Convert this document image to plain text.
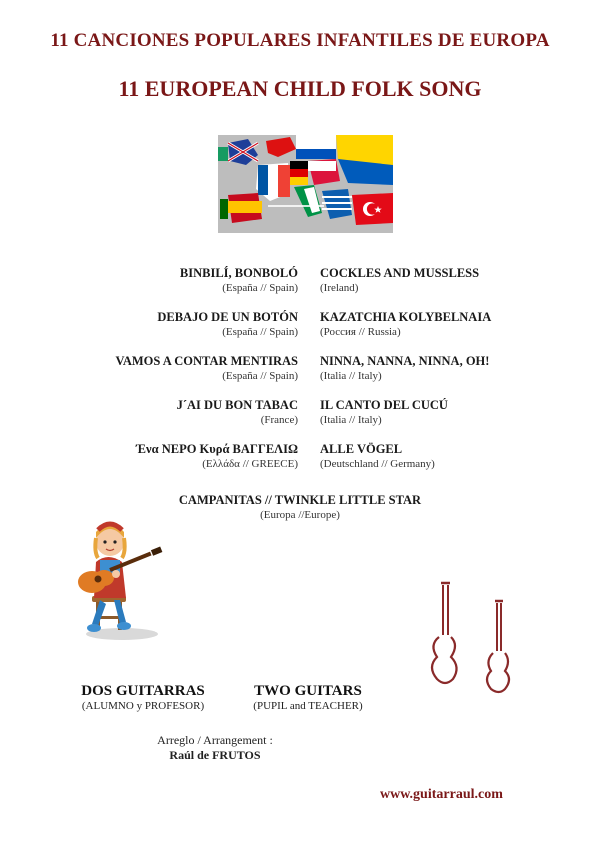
11 CANCIONES POPULARES INFANTILES DE EUROPA
11 EUROPEAN CHILD FOLK SONG
BINBILÍ, BONBOLÓ
(España // Spain)
DEBAJO DE UN BOTÓN
(España // Spain)
VAMOS A CONTAR MENTIRAS
(España // Spain)
J´AI DU BON TABAC
(France)
Ένα ΝΕΡΟ Κυρά ΒΑΓΓΕΛΙΩ
(Ελλάδα // GREECE)
COCKLES AND MUSSLESS
(Ireland)
KAZATCHIA KOLYBELNAIA
(Россия // Russia)
NINNA, NANNA, NINNA, OH!
(Italia // Italy)
IL CANTO DEL CUCÚ
(Italia // Italy)
ALLE VÖGEL
(Deutschland // Germany)
CAMPANITAS // TWINKLE LITTLE STAR
(Europa //Europe)
DOS GUITARRAS
(ALUMNO y PROFESOR)
TWO GUITARS
(PUPIL and TEACHER)
Arreglo / Arrangement :
Raúl de FRUTOS
www.guitarraul.com
